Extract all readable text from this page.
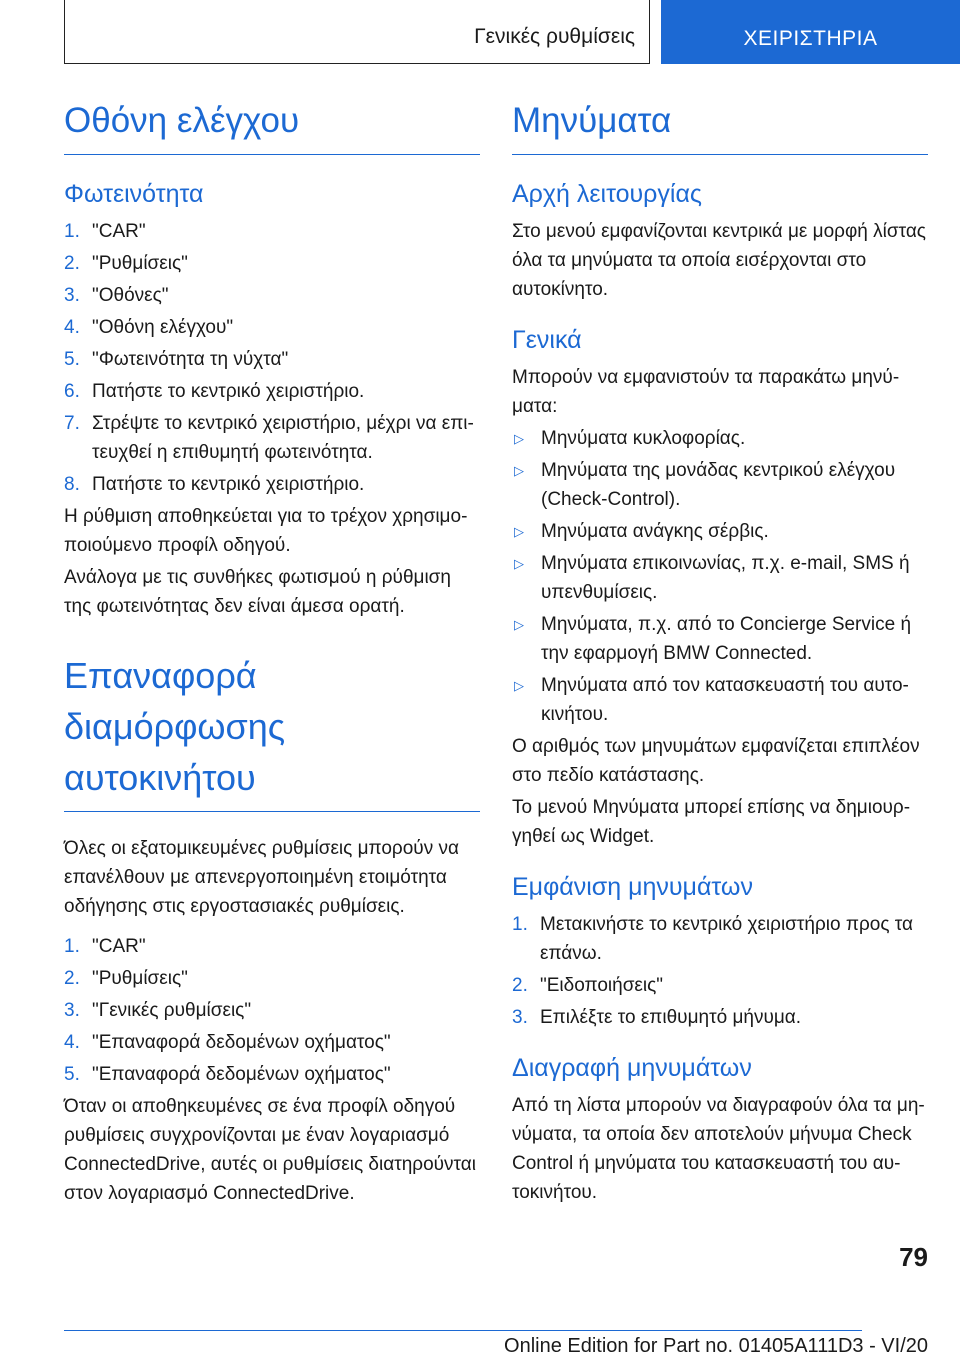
Γενικές ρυθμίσεις	ΧΕΙΡΙΣΤΗΡΙΑ
Οθόνη ελέγχου
Φωτεινότητα
1. "CAR"
2. "Ρυθμίσεις"
3. "Οθόνες"
4. "Οθόνη ελέγχου"
5. "Φωτεινότητα τη νύχτα"
6. Πατήστε το κεντρικό χειριστήριο.
7. Στρέψτε το κεντρικό χειριστήριο, μέχρι να επιτευχθεί η επιθυμητή φωτεινότητα.
8. Πατήστε το κεντρικό χειριστήριο.

Η ρύθμιση αποθηκεύεται για το τρέχον χρησιμοποιούμενο προφίλ οδηγού.

Ανάλογα με τις συνθήκες φωτισμού η ρύθμιση της φωτεινότητας δεν είναι άμεσα ορατή.

Επαναφορά διαμόρφωσης αυτοκινήτου

Όλες οι εξατομικευμένες ρυθμίσεις μπορούν να επανέλθουν με απενεργοποιημένη ετοιμότητα οδήγησης στις εργοστασιακές ρυθμίσεις.

1. "CAR"
2. "Ρυθμίσεις"
3. "Γενικές ρυθμίσεις"
4. "Επαναφορά δεδομένων οχήματος"
5. "Επαναφορά δεδομένων οχήματος"

Όταν οι αποθηκευμένες σε ένα προφίλ οδηγού ρυθμίσεις συγχρονίζονται με έναν λογαριασμό ConnectedDrive, αυτές οι ρυθμίσεις διατηρούνται στον λογαριασμό ConnectedDrive.

Μηνύματα
Αρχή λειτουργίας

Στο μενού εμφανίζονται κεντρικά με μορφή λίστας όλα τα μηνύματα τα οποία εισέρχονται στο αυτοκίνητο.

Γενικά

Μπορούν να εμφανιστούν τα παρακάτω μηνύματα:

▷ Μηνύματα κυκλοφορίας.
▷ Μηνύματα της μονάδας κεντρικού ελέγχου (Check-Control).
▷ Μηνύματα ανάγκης σέρβις.
▷ Μηνύματα επικοινωνίας, π.χ. e-mail, SMS ή υπενθυμίσεις.
▷ Μηνύματα, π.χ. από το Concierge Service ή την εφαρμογή BMW Connected.
▷ Μηνύματα από τον κατασκευαστή του αυτοκινήτου.

Ο αριθμός των μηνυμάτων εμφανίζεται επιπλέον στο πεδίο κατάστασης.

Το μενού Μηνύματα μπορεί επίσης να δημιουργηθεί ως Widget.

Εμφάνιση μηνυμάτων
1. Μετακινήστε το κεντρικό χειριστήριο προς τα επάνω.
2. "Ειδοποιήσεις"
3. Επιλέξτε το επιθυμητό μήνυμα.
Διαγραφή μηνυμάτων

Από τη λίστα μπορούν να διαγραφούν όλα τα μηνύματα, τα οποία δεν αποτελούν μήνυμα Check Control ή μηνύματα του κατασκευαστή του αυτοκινήτου.

79
Online Edition for Part no. 01405A111D3 - VI/20
